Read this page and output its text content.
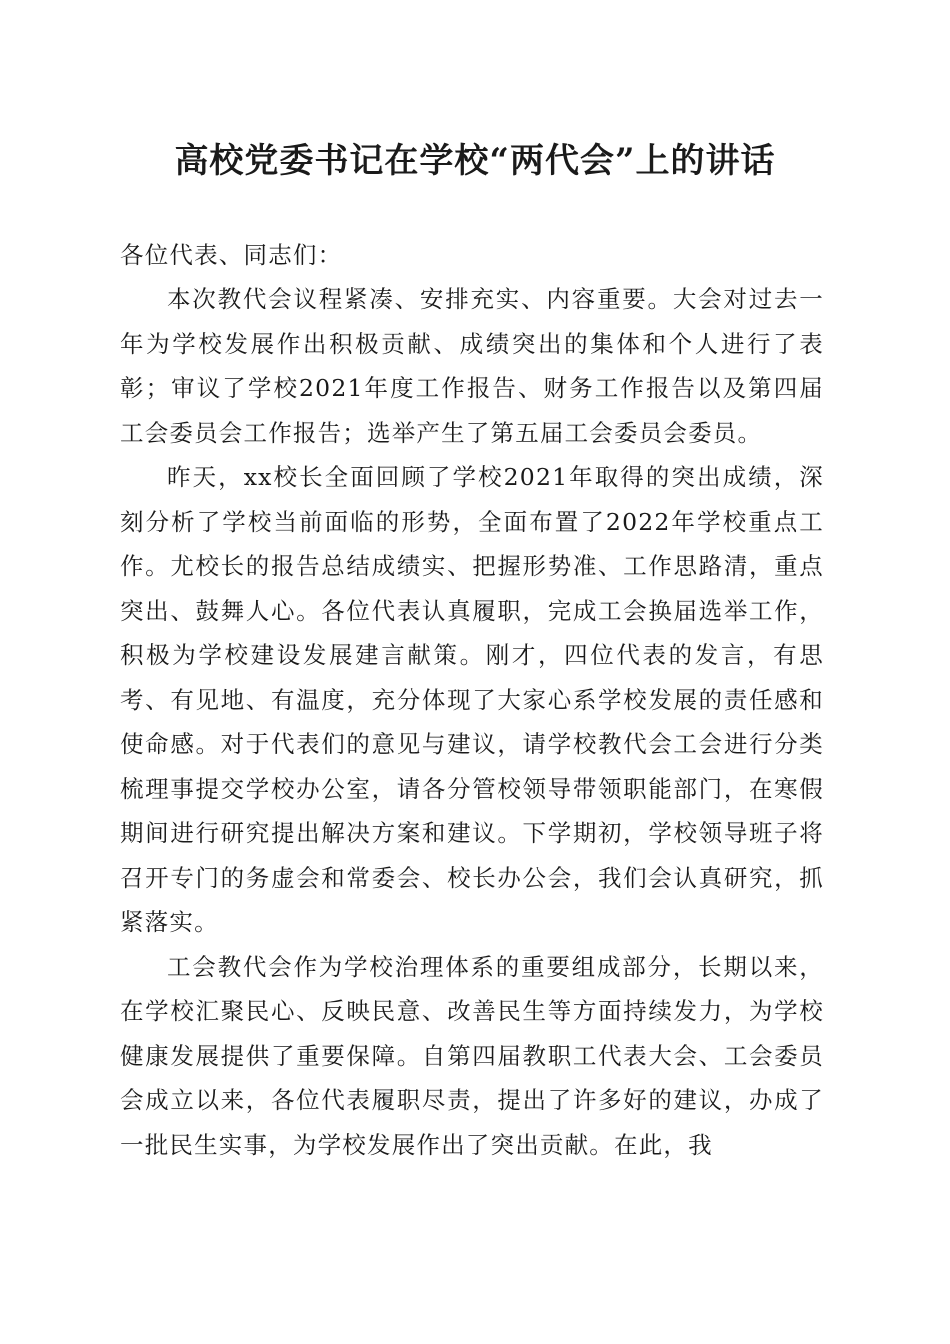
高校党委书记在学校“两代会”上的讲话

各位代表、同志们：

本次教代会议程紧凑、安排充实、内容重要。大会对过去一年为学校发展作出积极贡献、成绩突出的集体和个人进行了表彰；审议了学校2021年度工作报告、财务工作报告以及第四届工会委员会工作报告；选举产生了第五届工会委员会委员。

昨天，xx校长全面回顾了学校2021年取得的突出成绩，深刻分析了学校当前面临的形势，全面布置了2022年学校重点工作。尤校长的报告总结成绩实、把握形势准、工作思路清，重点突出、鼓舞人心。各位代表认真履职，完成工会换届选举工作，积极为学校建设发展建言献策。刚才，四位代表的发言，有思考、有见地、有温度，充分体现了大家心系学校发展的责任感和使命感。对于代表们的意见与建议，请学校教代会工会进行分类梳理事提交学校办公室，请各分管校领导带领职能部门，在寒假期间进行研究提出解决方案和建议。下学期初，学校领导班子将召开专门的务虚会和常委会、校长办公会，我们会认真研究，抓紧落实。

工会教代会作为学校治理体系的重要组成部分，长期以来，在学校汇聚民心、反映民意、改善民生等方面持续发力，为学校健康发展提供了重要保障。自第四届教职工代表大会、工会委员会成立以来，各位代表履职尽责，提出了许多好的建议，办成了一批民生实事，为学校发展作出了突出贡献。在此，我
